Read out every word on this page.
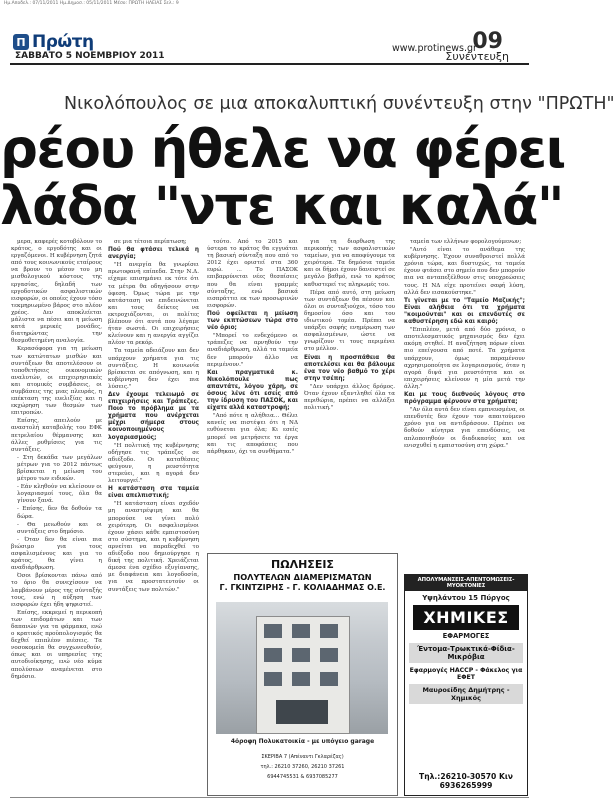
Ημ.Αποδελ.: 07/11/2011 Ημ.Δημοσ.: 05/11/2011 Μέσο: ΠΡΩΤΗ ΗΛΕΙΑΣ Σελ.: 9
Π Πρώτη
ΣΑΒΒΑΤΟ 5 ΝΟΕΜΒΡΙΟΥ 2011
www.protinews.gr
09
Συνέντευξη
Νικολόπουλος σε μια αποκαλυπτική συνέντευξη στην "ΠΡΩΤΗ"
ρέου ήθελε να φέρει
λάδα "ντε και καλά"

μερα, καφερές κοτοβόλουν το κράτος, ο εργοδότης και οι εργαζόμενοι. Η κυβέρνηση ζητά από τους κοινωνικούς εταίρους να βρουν το μέσον του μη μισθολογικού κόστους της εργασίας, δηλαδή των εργοδοτικών ασφαλιστικών εισφορών, οι οποίες έχουν τόσο τεκμηριωμένο βάρος στο πλέον χρέος. Δεν αποκλείεται μάλιστα να πέσει και η μείωση κατά μερικές μονάδες, διατηρώντας την θεσμοθετημένη αναλογία.

Κερασόφορα για τη μείωση των κατώτατων μισθών και συντάξεων θα αποτελέσουν οι τοποθετήσεις οικονομικών αναλυτών, οι επιχειρησιακές και ατομικές συμβάσεις, οι συμβάσεις της μιας πλευράς, η επέκταση της ευελιξίας και η εκχώρηση των θεσμών των επιτροπών.

Επίσης, απειλούν με αναστολή καταβολής του ΕΦΚ πετρελαίου θέρμανσης και άλλες ρυθμίσεις για τις συντάξεις.

- Στη δεκάδα των μεγάλων μέτρων για το 2012 πάντως βρίσκεται η μείωση του μέτρου των ειδικών.

- Εάν κληθούν να κλείσουν οι λογαριασμοί τους, όλα θα γίνουν ξανά.

- Επίσης, δεν θα δοθούν τα δώρα.

- Θα μειωθούν και οι συντάξεις στο δημόσιο.

- Όταν δεν θα είναι πια βιώσιμο για τους ασφαλισμένους και για το κράτος, θα γίνει η αναδιάρθρωση.

Όσοι βρίσκονται πάνω από το όριο θα συνεχίσουν να λαμβάνουν μέρος της σύνταξής τους, ενώ η αύξηση των εισφορών έχει ήδη ψηφιστεί.

Επίσης, εκκρεμεί η περικοπή των επιδομάτων και των δαπανών για τα φάρμακα, ενώ ο κρατικός προϋπολογισμός θα δεχθεί επιπλέον πιέσεις. Τα νοσοκομεία θα συγχωνευθούν, όπως και οι υπηρεσίες της αυτοδιοίκησης, ενώ νέο κύμα απολύσεων αναμένεται στο δημόσιο.

σε μια τέτοια περίπτωση;

Πού θα φτάσει τελικά η ανεργία;

"Η ανεργία θα γνωρίσει πρωτοφανή επίπεδα. Στην Ν.Δ. είχαμε επισημάνει εκ τότε ότι τα μέτρα θα οδηγήσουν στην ύφεση. Όμως τώρα με την κατάσταση να επιδεινώνεται και τους δείκτες να εκτροχιάζονται, οι πολίτες βλέπουν ότι αυτά που λέγαμε ήταν σωστά. Οι επιχειρήσεις κλείνουν και η ανεργία αγγίζει πλέον τα ρεκόρ.

Τα ταμεία αδειάζουν και δεν υπάρχουν χρήματα για τις συντάξεις. Η κοινωνία βρίσκεται σε απόγνωση, και η κυβέρνηση δεν έχει πια λύσεις."

Δεν έχουμε τελειωμό σε επιχειρήσεις και Τράπεζες. Ποιο το πρόβλημα με τα χρήματα που ανέρχεται μέχρι σήμερα στους κοινοποιημένους λογαριασμούς;

"Η πολιτική της κυβέρνησης οδήγησε τις τράπεζες σε αδιέξοδο. Οι καταθέσεις φεύγουν, η ρευστότητα στερεύει, και η αγορά δεν λειτουργεί."

Η κατάσταση στα ταμεία είναι απελπιστική;

"Η κατάσταση είναι σχεδόν μη αναστρέψιμη και θα μπορούσε να γίνει πολύ χειρότερη. Οι ασφαλισμένοι έχουν χάσει κάθε εμπιστοσύνη στο σύστημα, και η κυβέρνηση αρνείται να παραδεχθεί το αδιέξοδο που δημιούργησε η δική της πολιτική. Χρειάζεται άμεσα ένα σχέδιο εξυγίανσης, με διαφάνεια και λογοδοσία, για να προστατευτούν οι συντάξεις των πολιτών."

τούτο. Από το 2015 και ύστερα το κράτος θα εγγυάται τη βασική σύνταξη που από το 2012 έχει οριστεί στα 360 ευρώ. ... Το ΠΑΣΟΚ επιβαρρύνεται νέες θεσπίσεις που θα είναι γραμμές σύνταξης, ενώ βασικά εισπράττει εκ των προσωρινών εισφορών.

Πού οφείλεται η μείωση των εκπτώσεων τώρα στο νέο όριο;

"Μπορεί το ενδεχόμενο οι τράπεζες να αρνηθούν την αναδιάρθρωση, αλλά τα ταμεία δεν μπορούν άλλο να περιμένουν."

Και πραγματικά κ. Νικολόπουλε πως απαντάτε, λόγου χάρη, σε όσους λένε ότι εσείς από την ίδρυση του ΠΑΣΟΚ, και είχατε αλλά καταστροφή;

"Από πότε η αλήθεια... Θέλει κανείς να πιστέψει ότι η ΝΔ ευθύνεται για όλα; Κι εσείς μπορεί να μετρήσετε τα έργα και τις αποφάσεις που πάρθηκαν, όχι τα συνθήματα."

για τη διορθωση της περικοπής των ασφαλιστικών ταμείων, για να αποφύγουμε τα χειρότερα. Τα δημόσια ταμεία και οι δήμοι έχουν δανειστεί σε μεγάλο βαθμό, ενώ το κράτος καθυστερεί τις πληρωμές του.

Πέρα από αυτό, στη μείωση των συντάξεων θα πέσουν και όλοι οι συνταξιούχοι, τόσο του δημοσίου όσο και του ιδιωτικού τομέα. Πρέπει να υπάρξει σαφής ενημέρωση των ασφαλισμένων, ώστε να γνωρίζουν τι τους περιμένει στο μέλλον.

Είναι η προσπάθεια θα αποτελέσει και θα βάλουμε ένα τον νέο βαθμό το χέρι στην τσέπη;

"Δεν υπάρχει άλλος δρόμος. Όταν έχουν εξαντληθεί όλα τα περιθώρια, πρέπει να αλλάξει πολιτική."

ταμεία των ελλήνων φορολογούμενων;

"Αυτό είναι το ανάθεμα της κυβέρνησης. Έχουν συναθροιστεί πολλά χρόνια τώρα, και δυστυχώς, τα ταμεία έχουν φτάσει στο σημείο που δεν μπορούν πια να ανταπεξέλθουν στις υποχρεώσεις τους. Η ΝΔ είχε προτείνει σαφή λύση, αλλά δεν εισακούστηκε."

Τι γίνεται με το "Ταμείο Μαζικής"; Είναι αλήθεια ότι τα χρήματα "κοιμούνται" και οι επενδυτές σε καθυστέρηση εδώ και καιρό;

"Επιπλέον, μετά από δύο χρόνια, ο αποτελεσματικός μηχανισμός δεν έχει ακόμη στηθεί. Η αναζήτηση πόρων είναι πιο επείγουσα από ποτέ. Τα χρήματα υπάρχουν, όμως παραμένουν αχρησιμοποίητα σε λογαριασμούς, όταν η αγορά διψά για ρευστότητα και οι επιχειρήσεις κλείνουν η μία μετά την άλλη."

Και με τους διεθνούς λόγους στο πρόγραμμα φέρνουν στα χρήματα;

"Αν όλα αυτά δεν είναι εμπνευσμένα, οι επενδυτές δεν έχουν τον απαιτούμενο χρόνο για να αντιδράσουν. Πρέπει να δοθούν κίνητρα για επενδύσεις, να απλοποιηθούν οι διαδικασίες και να ενισχυθεί η εμπιστοσύνη στη χώρα."

ΠΩΛΗΣΕΙΣ
ΠΟΛΥΤΕΛΩΝ ΔΙΑΜΕΡΙΣΜΑΤΩΝ
Γ. ΓΚΙΝΤΖΙΡΗΣ - Γ. ΚΟΛΙΑΔΗΜΑΣ Ο.Ε.
4όροφη Πολυκατοικία - με υπόγειο garage
ΣΚΕΡΙΒΑ 7 (Απέναντι Γκλαρέζας)
τηλ.: 26210 37260, 26210 37261
6944745531 & 6937085277
ΑΠΟΛΥΜΑΝΣΕΙΣ-ΑΠΕΝΤΟΜΩΣΕΙΣ-ΜΥΟΚΤΟΝΙΕΣ
Υψηλάντου 15 Πύργος
ΧΗΜΙΚΕΣ
ΕΦΑΡΜΟΓΕΣ
Έντομα-Τρωκτικά-Φίδια-Μικρόβια
Εφαρμογές HACCP - Φάκελος για ΕΦΕΤ
Μαυροείδης Δημήτρης - Χημικός
Τηλ.:26210-30570 Κιν 6936265999
